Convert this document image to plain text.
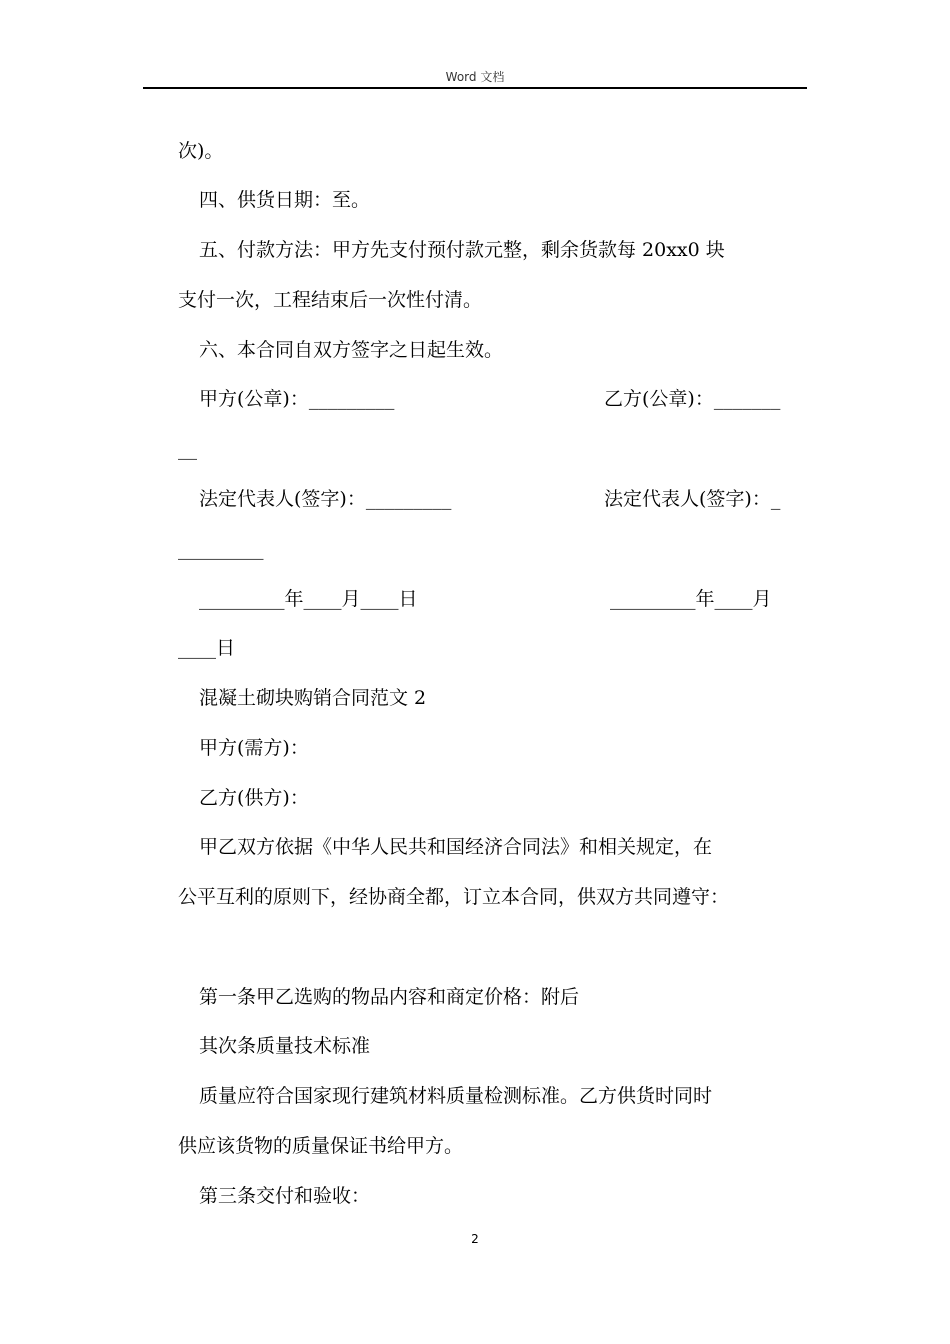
Word 文档
次)。
四、供货日期：至。
五、付款方法：甲方先支付预付款元整，剩余货款每 20xx0 块
支付一次，工程结束后一次性付清。
六、本合同自双方签字之日起生效。
甲方(公章)：_________	乙方(公章)：_______
__
法定代表人(签字)：_________	法定代表人(签字)：_
_________
_________年____月____日	_________年____月
____日
混凝土砌块购销合同范文 2
甲方(需方)：
乙方(供方)：
甲乙双方依据《中华人民共和国经济合同法》和相关规定，在
公平互利的原则下，经协商全都，订立本合同，供双方共同遵守：
第一条甲乙选购的物品内容和商定价格：附后
其次条质量技术标准
质量应符合国家现行建筑材料质量检测标准。乙方供货时同时
供应该货物的质量保证书给甲方。
第三条交付和验收：
2
